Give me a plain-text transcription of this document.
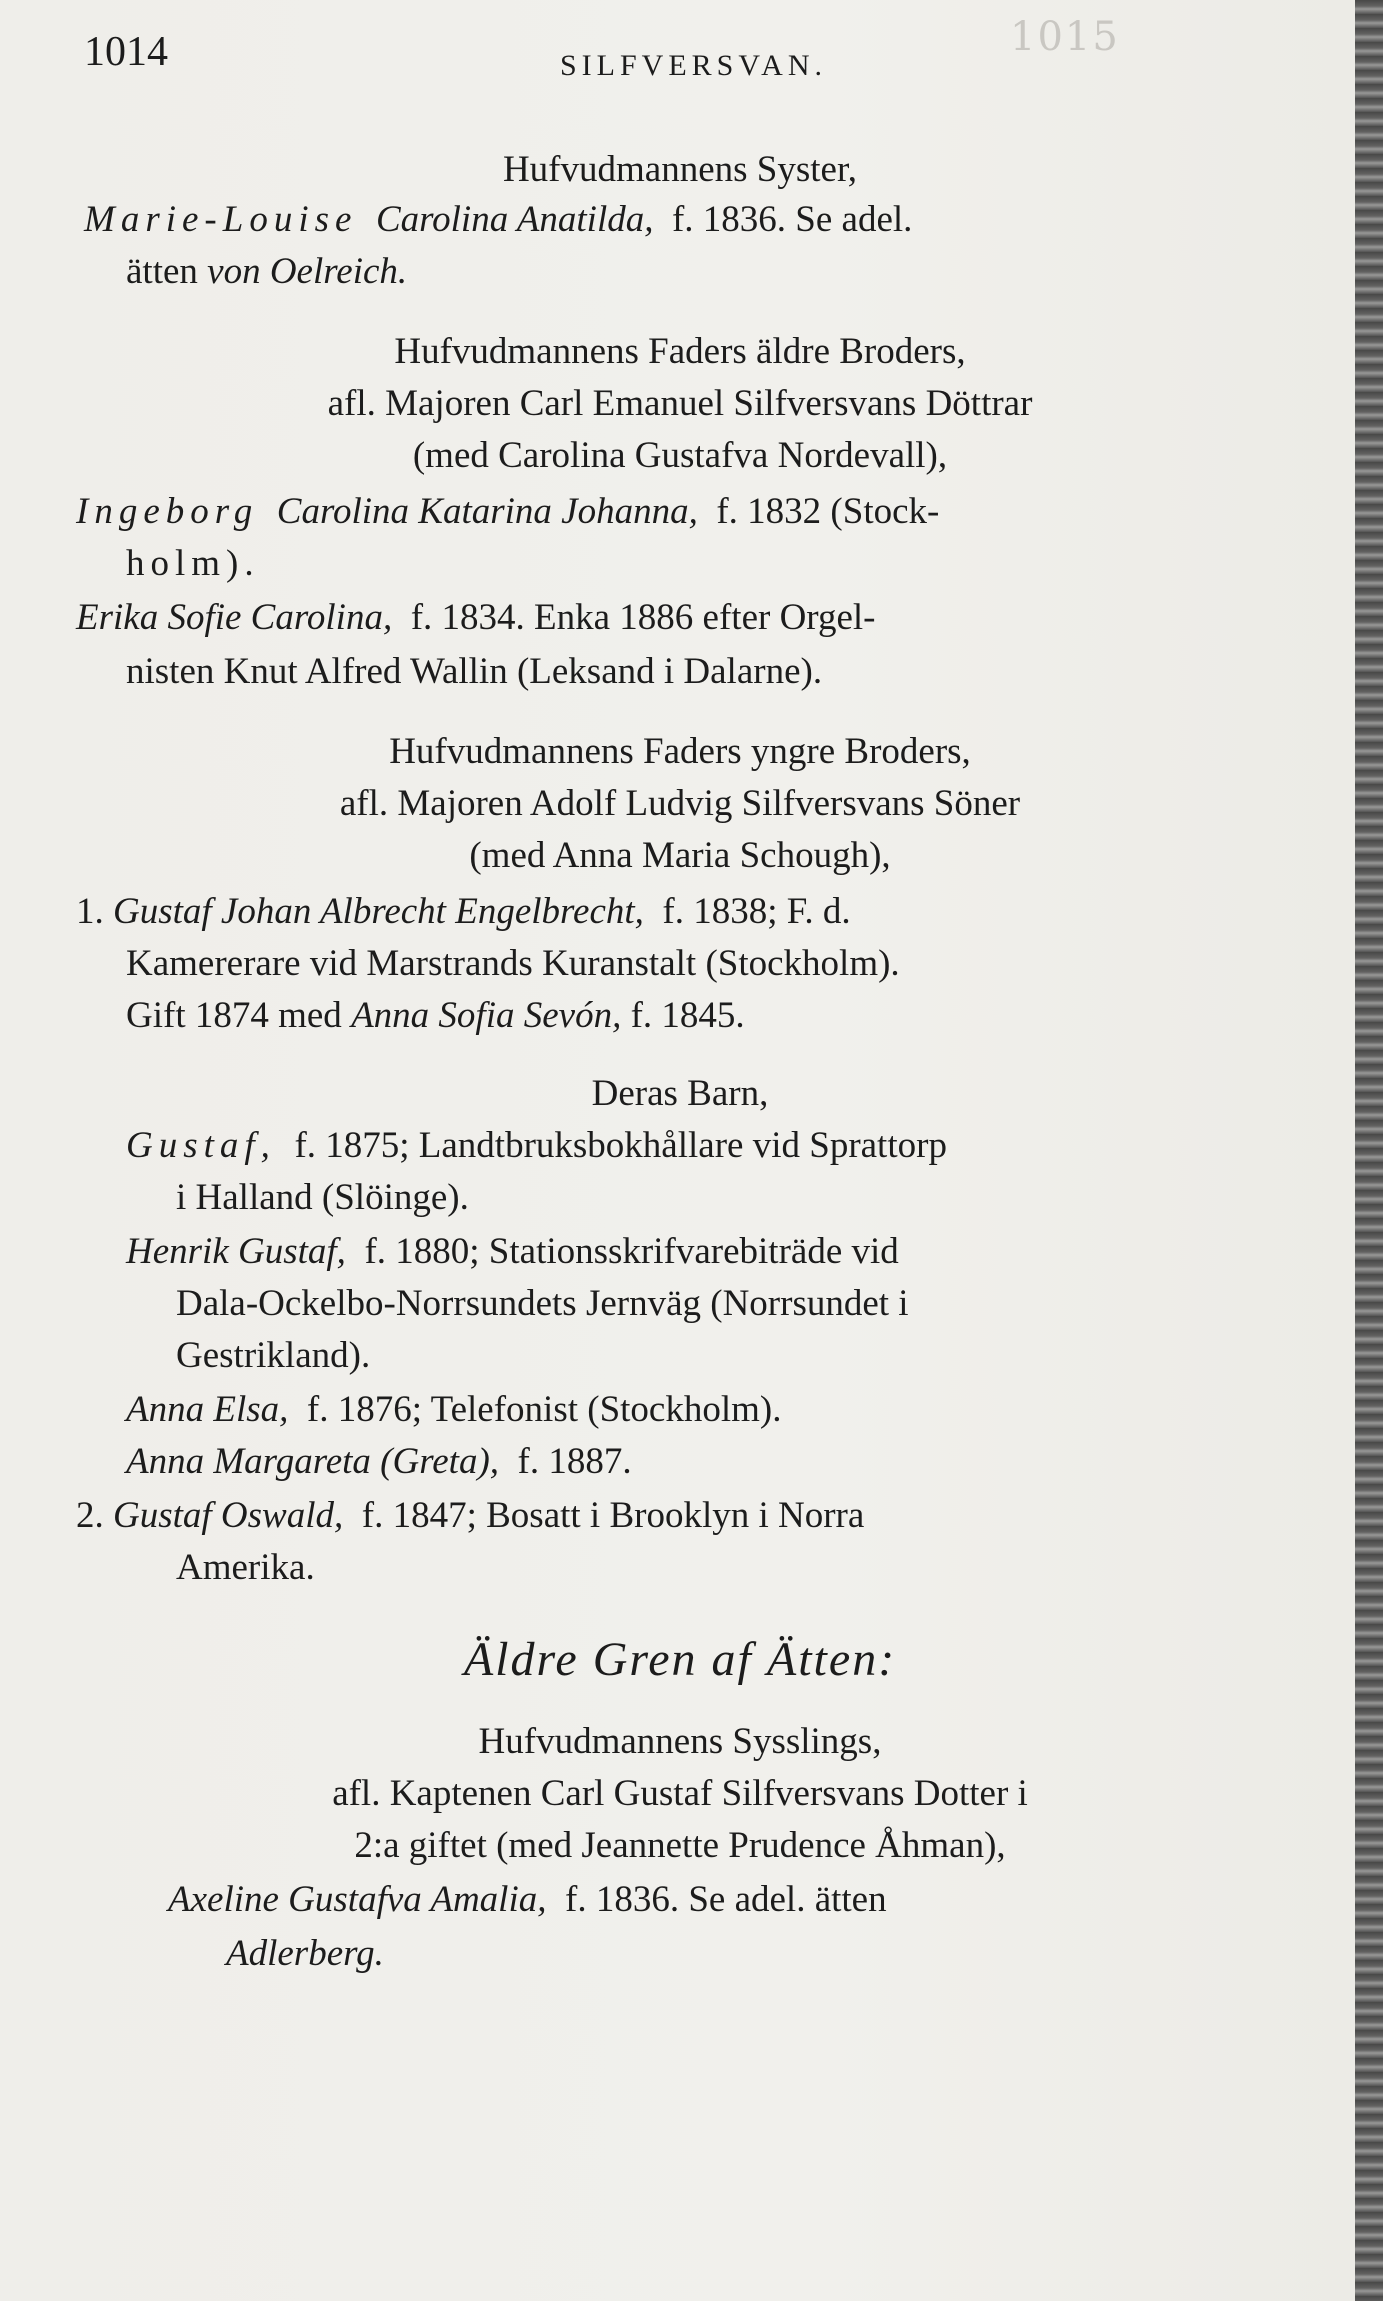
1015
1014	SILFVERSVAN.
Hufvudmannens Syster,
Marie-Louise Carolina Anatilda, f. 1836. Se adel.
ätten von Oelreich.
Hufvudmannens Faders äldre Broders,
afl. Majoren Carl Emanuel Silfversvans Döttrar
(med Carolina Gustafva Nordevall),
Ingeborg Carolina Katarina Johanna, f. 1832 (Stock-
holm).
Erika Sofie Carolina, f. 1834. Enka 1886 efter Orgel-
nisten Knut Alfred Wallin (Leksand i Dalarne).
Hufvudmannens Faders yngre Broders,
afl. Majoren Adolf Ludvig Silfversvans Söner
(med Anna Maria Schough),
1. Gustaf Johan Albrecht Engelbrecht, f. 1838; F. d.
Kamererare vid Marstrands Kuranstalt (Stockholm).
Gift 1874 med Anna Sofia Sevón, f. 1845.
Deras Barn,
Gustaf, f. 1875; Landtbruksbokhållare vid Sprattorp
i Halland (Slöinge).
Henrik Gustaf, f. 1880; Stationsskrifvarebiträde vid
Dala-Ockelbo-Norrsundets Jernväg (Norrsundet i
Gestrikland).
Anna Elsa, f. 1876; Telefonist (Stockholm).
Anna Margareta (Greta), f. 1887.
2. Gustaf Oswald, f. 1847; Bosatt i Brooklyn i Norra
Amerika.
Äldre Gren af Ätten:
Hufvudmannens Sysslings,
afl. Kaptenen Carl Gustaf Silfversvans Dotter i
2:a giftet (med Jeannette Prudence Åhman),
Axeline Gustafva Amalia, f. 1836. Se adel. ätten
Adlerberg.
